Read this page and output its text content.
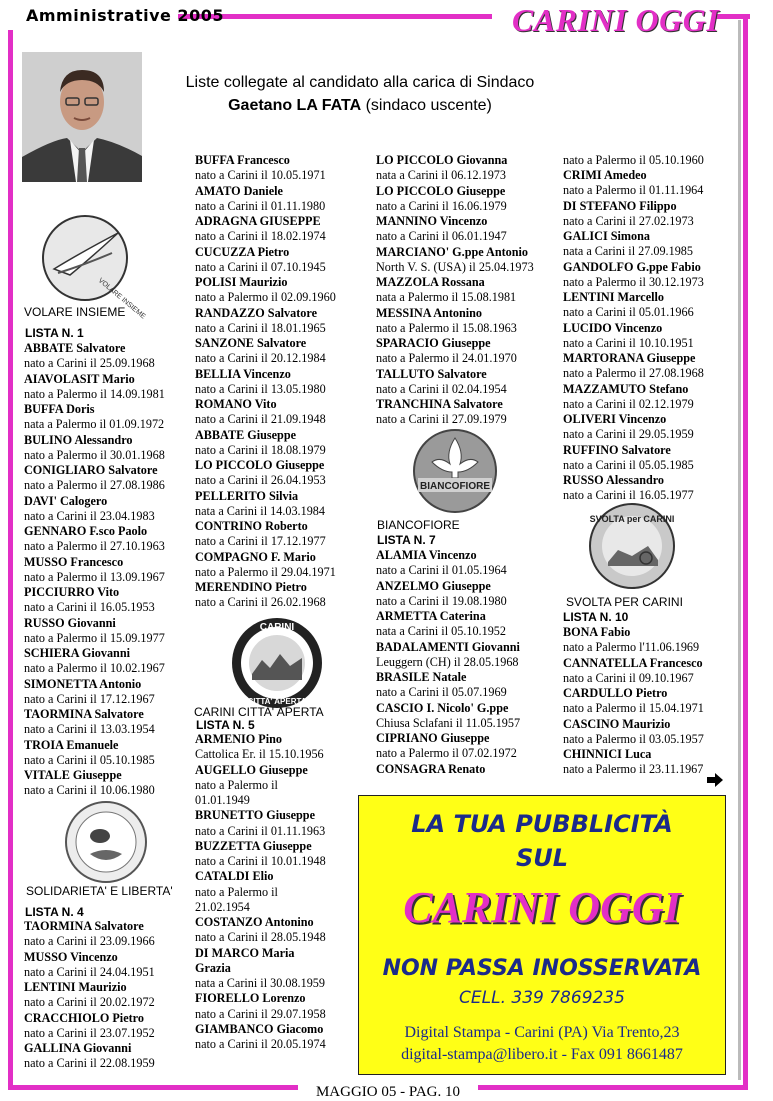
Amministrative 2005	CARINI OGGI
Liste collegate al candidato alla carica di Sindaco
Gaetano LA FATA (sindaco uscente)
VOLARE INSIEME
VOLARE INSIEME
LISTA N. 1
ABBATE Salvatore
nato a Carini il 25.09.1968
AIAVOLASIT Mario
nato a Palermo il 14.09.1981
BUFFA Doris
nata a Palermo il 01.09.1972
BULINO Alessandro
nato a Palermo il 30.01.1968
CONIGLIARO Salvatore
nato a Palermo il 27.08.1986
DAVI' Calogero
nato a Carini il 23.04.1983
GENNARO F.sco Paolo
nato a Palermo il 27.10.1963
MUSSO Francesco
nato a Palermo il 13.09.1967
PICCIURRO Vito
nato a Carini il 16.05.1953
RUSSO Giovanni
nato a Palermo il 15.09.1977
SCHIERA Giovanni
nato a Palermo il 10.02.1967
SIMONETTA Antonio
nato a Carini il 17.12.1967
TAORMINA Salvatore
nato a Carini il 13.03.1954
TROIA Emanuele
nato a Carini il 05.10.1985
VITALE Giuseppe
nato a Carini il 10.06.1980
SOLIDARIETA' E LIBERTA'
LISTA N. 4
TAORMINA Salvatore
nato a Carini il 23.09.1966
MUSSO Vincenzo
nato a Carini il 24.04.1951
LENTINI Maurizio
nato a Carini il 20.02.1972
CRACCHIOLO Pietro
nato a Carini il 23.07.1952
GALLINA Giovanni
nato a Carini il 22.08.1959
BUFFA Francesco
nato a Carini il 10.05.1971
AMATO Daniele
nato a Carini il 01.11.1980
ADRAGNA GIUSEPPE
nato a Carini il 18.02.1974
CUCUZZA Pietro
nato a Carini il 07.10.1945
POLISI Maurizio
nato a Palermo il 02.09.1960
RANDAZZO Salvatore
nato a Carini il 18.01.1965
SANZONE Salvatore
nato a Carini il 20.12.1984
BELLIA Vincenzo
nato a Carini il 13.05.1980
ROMANO Vito
nato a Carini il 21.09.1948
ABBATE Giuseppe
nato a Carini il 18.08.1979
LO PICCOLO Giuseppe
nato a Carini il 26.04.1953
PELLERITO Silvia
nata a Carini il 14.03.1984
CONTRINO Roberto
nato a Carini il 17.12.1977
COMPAGNO F. Mario
nato a Palermo il 29.04.1971
MERENDINO Pietro
nato a Carini il 26.02.1968
CARINI
CITTA' APERTA
CARINI CITTA' APERTA
LISTA N. 5
ARMENIO Pino
Cattolica Er. il 15.10.1956
AUGELLO Giuseppe
nato a Palermo il
01.01.1949
BRUNETTO Giuseppe
nato a Carini il 01.11.1963
BUZZETTA Giuseppe
nato a Carini il 10.01.1948
CATALDI Elio
nato a Palermo il
21.02.1954
COSTANZO Antonino
nato a Carini il 28.05.1948
DI MARCO Maria
Grazia
nata a Carini il 30.08.1959
FIORELLO Lorenzo
nato a Carini il 29.07.1958
GIAMBANCO Giacomo
nato a Carini il 20.05.1974
LO PICCOLO Giovanna
nata a Carini il 06.12.1973
LO PICCOLO Giuseppe
nato a Carini il 16.06.1979
MANNINO Vincenzo
nato a Carini il 06.01.1947
MARCIANO' G.ppe Antonio
North V. S. (USA) il 25.04.1973
MAZZOLA Rossana
nata a Palermo il 15.08.1981
MESSINA Antonino
nato a Palermo il 15.08.1963
SPARACIO Giuseppe
nato a Palermo il 24.01.1970
TALLUTO Salvatore
nato a Carini il 02.04.1954
TRANCHINA Salvatore
nato a Carini il 27.09.1979
BIANCOFIORE
BIANCOFIORE
LISTA N. 7
ALAMIA Vincenzo
nato a Carini il 01.05.1964
ANZELMO Giuseppe
nato a Carini il 19.08.1980
ARMETTA Caterina
nata a Carini il 05.10.1952
BADALAMENTI Giovanni
Leuggern (CH) il 28.05.1968
BRASILE Natale
nato a Carini il 05.07.1969
CASCIO I. Nicolo' G.ppe
Chiusa Sclafani il 11.05.1957
CIPRIANO Giuseppe
nato a Palermo il 07.02.1972
CONSAGRA Renato
nato a Palermo il 05.10.1960
CRIMI Amedeo
nato a Palermo il 01.11.1964
DI STEFANO Filippo
nato a Carini il 27.02.1973
GALICI Simona
nata a Carini il 27.09.1985
GANDOLFO G.ppe Fabio
nato a Palermo il 30.12.1973
LENTINI Marcello
nato a Carini il 05.01.1966
LUCIDO Vincenzo
nato a Carini il 10.10.1951
MARTORANA Giuseppe
nato a Palermo il 27.08.1968
MAZZAMUTO Stefano
nato a Carini il 02.12.1979
OLIVERI Vincenzo
nato a Carini il 29.05.1959
RUFFINO Salvatore
nato a Carini il 05.05.1985
RUSSO Alessandro
nato a Carini il 16.05.1977
SVOLTA per CARINI
SVOLTA PER CARINI
LISTA N. 10
BONA Fabio
nato a Palermo l'11.06.1969
CANNATELLA Francesco
nato a Carini il 09.10.1967
CARDULLO Pietro
nato a Palermo il 15.04.1971
CASCINO Maurizio
nato a Palermo il 03.05.1957
CHINNICI Luca
nato a Palermo il 23.11.1967
LA TUA PUBBLICITÀ
SUL
CARINI OGGI
NON PASSA INOSSERVATA
CELL. 339 7869235
Digital Stampa - Carini (PA) Via Trento,23
digital-stampa@libero.it - Fax 091 8661487
MAGGIO 05 - PAG. 10
